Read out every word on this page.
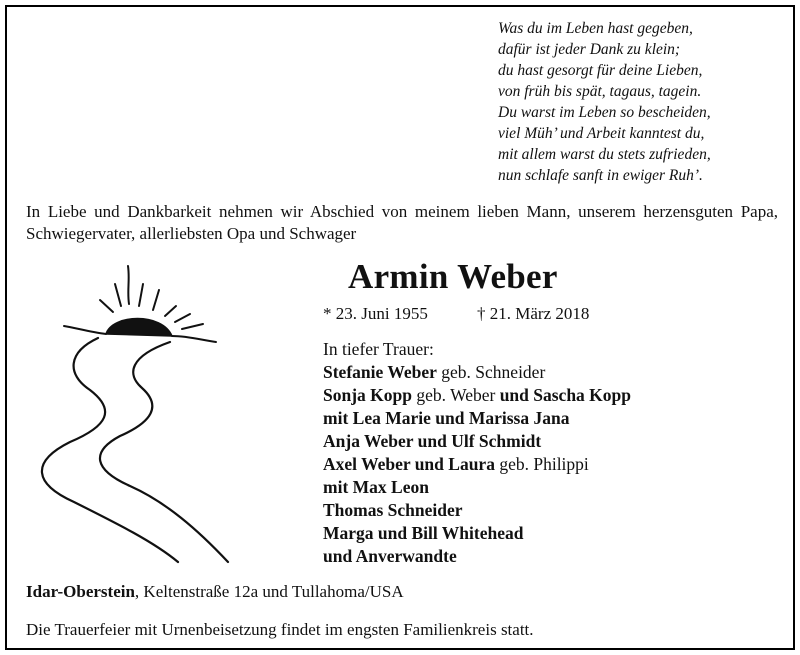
Was du im Leben hast gegeben,
dafür ist jeder Dank zu klein;
du hast gesorgt für deine Lieben,
von früh bis spät, tagaus, tagein.
Du warst im Leben so bescheiden,
viel Müh’ und Arbeit kanntest du,
mit allem warst du stets zufrieden,
nun schlafe sanft in ewiger Ruh’.
In Liebe und Dankbarkeit nehmen wir Abschied von meinem lieben Mann, unserem herzensguten Papa, Schwiegervater, allerliebsten Opa und Schwager
Armin Weber
* 23. Juni 1955	† 21. März 2018
In tiefer Trauer:
Stefanie Weber geb. Schneider
Sonja Kopp geb. Weber und Sascha Kopp
mit Lea Marie und Marissa Jana
Anja Weber und Ulf Schmidt
Axel Weber und Laura geb. Philippi
mit Max Leon
Thomas Schneider
Marga und Bill Whitehead
und Anverwandte
Idar-Oberstein, Keltenstraße 12a und Tullahoma/USA
Die Trauerfeier mit Urnenbeisetzung findet im engsten Familienkreis statt.
